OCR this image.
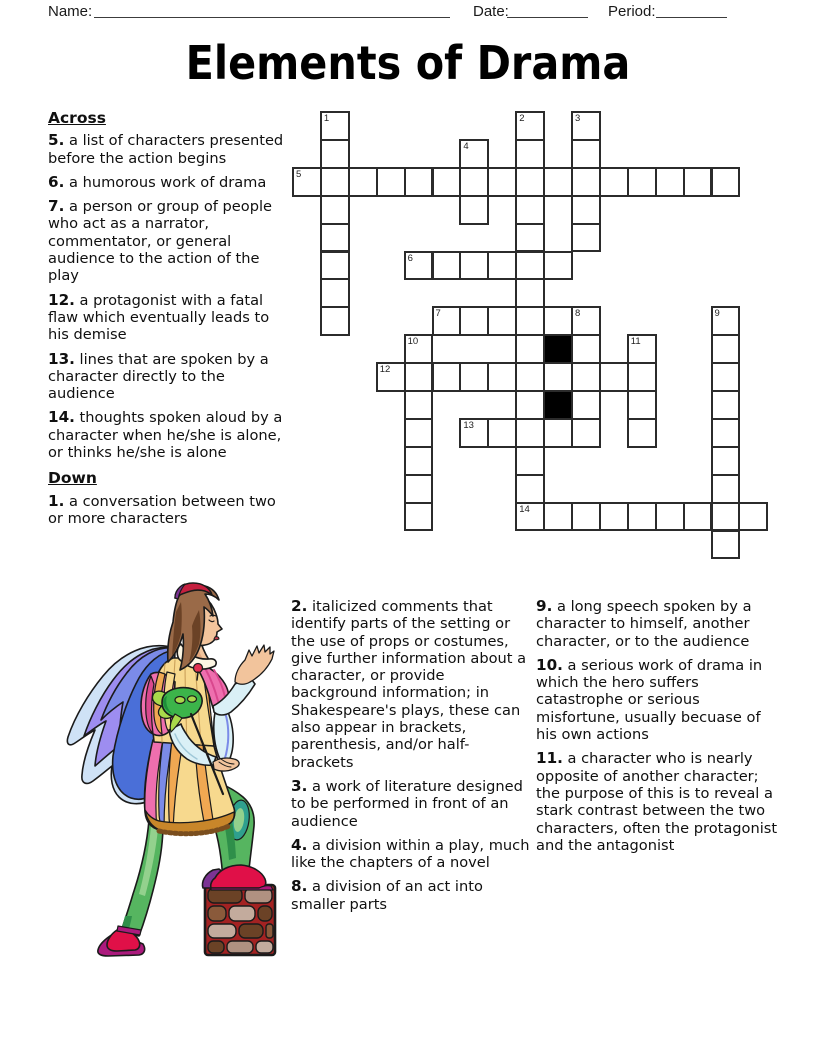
Name:	Date:	Period:
Elements of Drama
1	2
14
3
4
5
6
7	8	9
10	11
12
13
Across

5. a list of characters presented before the action begins

6. a humorous work of drama

7. a person or group of people who act as a narrator, commentator, or general audience to the action of the play

12. a protagonist with a fatal flaw which eventually leads to his demise

13. lines that are spoken by a character directly to the audience

14. thoughts spoken aloud by a character when he/she is alone, or thinks he/she is alone

Down

1. a conversation between two or more characters

2. italicized comments that identify parts of the setting or the use of props or costumes, give further information about a character, or provide background information; in Shakespeare's plays, these can also appear in brackets, parenthesis, and/or half-brackets

3. a work of literature designed to be performed in front of an audience

4. a division within a play, much like the chapters of a novel

8. a division of an act into smaller parts

9. a long speech spoken by a character to himself, another character, or to the audience

10. a serious work of drama in which the hero suffers catastrophe or serious misfortune, usually becuase of his own actions

11. a character who is nearly opposite of another character; the purpose of this is to reveal a stark contrast between the two characters, often the protagonist and the antagonist
